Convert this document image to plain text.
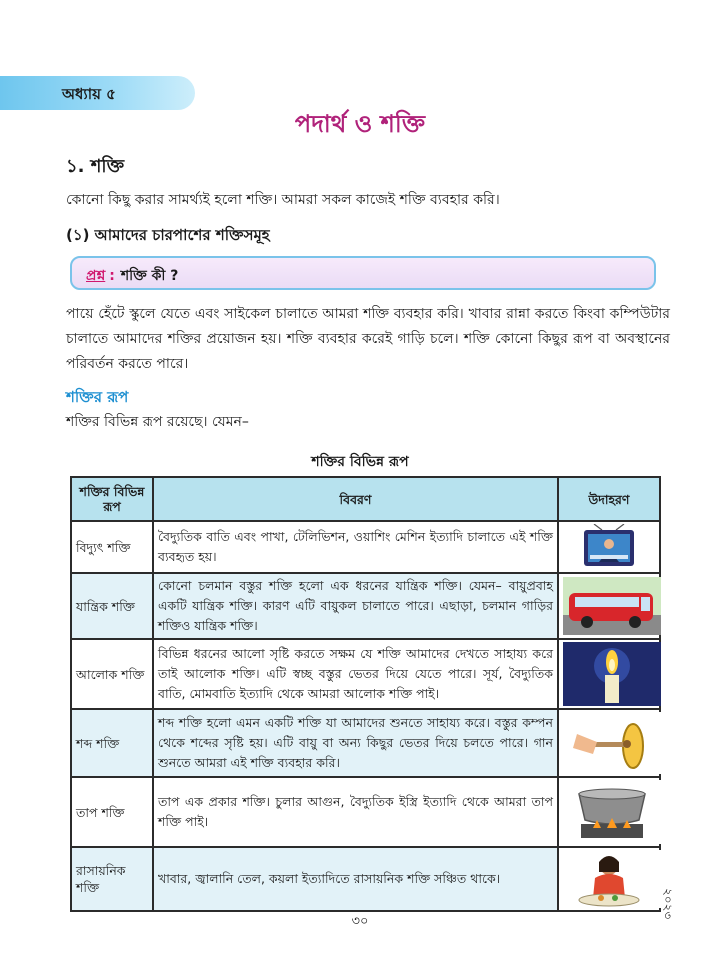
অধ্যায় ৫
পদার্থ ও শক্তি
১. শক্তি
কোনো কিছু করার সামর্থ্যই হলো শক্তি। আমরা সকল কাজেই শক্তি ব্যবহার করি।
(১) আমাদের চারপাশের শক্তিসমূহ
প্রশ্ন : শক্তি কী ?
পায়ে হেঁটে স্কুলে যেতে এবং সাইকেল চালাতে আমরা শক্তি ব্যবহার করি। খাবার রান্না করতে কিংবা কম্পিউটার চালাতে আমাদের শক্তির প্রয়োজন হয়। শক্তি ব্যবহার করেই গাড়ি চলে। শক্তি কোনো কিছুর রূপ বা অবস্থানের পরিবর্তন করতে পারে।
শক্তির রূপ
শক্তির বিভিন্ন রূপ রয়েছে। যেমন–
শক্তির বিভিন্ন রূপ
শক্তির বিভিন্ন রূপ	বিবরণ	উদাহরণ
বিদ্যুৎ শক্তি	বৈদ্যুতিক বাতি এবং পাখা, টেলিভিশন, ওয়াশিং মেশিন ইত্যাদি চালাতে এই শক্তি ব্যবহৃত হয়।	

যান্ত্রিক শক্তি	কোনো চলমান বস্তুর শক্তি হলো এক ধরনের যান্ত্রিক শক্তি। যেমন– বায়ুপ্রবাহ একটি যান্ত্রিক শক্তি। কারণ এটি বায়ুকল চালাতে পারে। এছাড়া, চলমান গাড়ির শক্তিও যান্ত্রিক শক্তি।	

আলোক শক্তি	বিভিন্ন ধরনের আলো সৃষ্টি করতে সক্ষম যে শক্তি আমাদের দেখতে সাহায্য করে তাই আলোক শক্তি। এটি স্বচ্ছ বস্তুর ভেতর দিয়ে যেতে পারে। সূর্য, বৈদ্যুতিক বাতি, মোমবাতি ইত্যাদি থেকে আমরা আলোক শক্তি পাই।	

শব্দ শক্তি	শব্দ শক্তি হলো এমন একটি শক্তি যা আমাদের শুনতে সাহায্য করে। বস্তুর কম্পন থেকে শব্দের সৃষ্টি হয়। এটি বায়ু বা অন্য কিছুর ভেতর দিয়ে চলতে পারে। গান শুনতে আমরা এই শক্তি ব্যবহার করি।	

তাপ শক্তি	তাপ এক প্রকার শক্তি। চুলার আগুন, বৈদ্যুতিক ইস্ত্রি ইত্যাদি থেকে আমরা তাপ শক্তি পাই।	

রাসায়নিক শক্তি	খাবার, জ্বালানি তেল, কয়লা ইত্যাদিতে রাসায়নিক শক্তি সঞ্চিত থাকে।	
৩০
২০২৩
